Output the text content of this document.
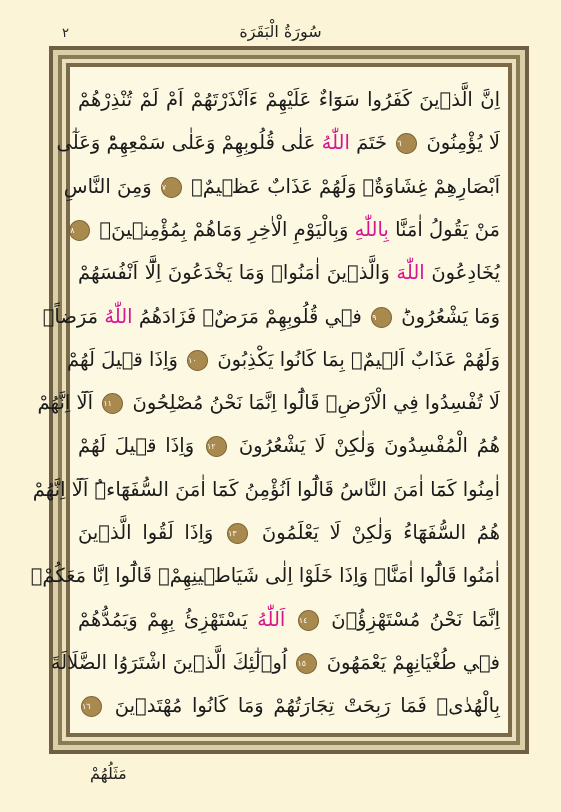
سُورَةُ الْبَقَرَة
٢
اِنَّ الَّذ۪ينَ كَفَرُوا سَوَٓاءٌ عَلَيْهِمْ ءَاَنْذَرْتَهُمْ اَمْ لَمْ تُنْذِرْهُمْ
لَا يُؤْمِنُونَ ٦ خَتَمَ اللّٰهُ عَلٰى قُلُوبِهِمْ وَعَلٰى سَمْعِهِمْؕ وَعَلٰٓى
اَبْصَارِهِمْ غِشَاوَةٌؗ وَلَهُمْ عَذَابٌ عَظ۪يمٌ۟ ٧ وَمِنَ النَّاسِ
مَنْ يَقُولُ اٰمَنَّا بِاللّٰهِ وَبِالْيَوْمِ الْاٰخِرِ وَمَاهُمْ بِمُؤْمِن۪ينَۘ ٨
يُخَادِعُونَ اللّٰهَ وَالَّذ۪ينَ اٰمَنُواۚ وَمَا يَخْدَعُونَ اِلَّٓا اَنْفُسَهُمْ
وَمَا يَشْعُرُونَؕ ٩ ف۪ي قُلُوبِهِمْ مَرَضٌۙ فَزَادَهُمُ اللّٰهُ مَرَضاًۚ
وَلَهُمْ عَذَابٌ اَل۪يمٌۙ بِمَا كَانُوا يَكْذِبُونَ ١٠ وَاِذَا ق۪يلَ لَهُمْ
لَا تُفْسِدُوا فِي الْاَرْضِۙ قَالُٓوا اِنَّمَا نَحْنُ مُصْلِحُونَ ١١ اَلَٓا اِنَّهُمْ
هُمُ الْمُفْسِدُونَ وَلٰكِنْ لَا يَشْعُرُونَ ١٢ وَاِذَا ق۪يلَ لَهُمْ
اٰمِنُوا كَمَٓا اٰمَنَ النَّاسُ قَالُٓوا اَنُؤْمِنُ كَمَٓا اٰمَنَ السُّفَهَٓاءُۜ اَلَٓا اِنَّهُمْ
هُمُ السُّفَهَٓاءُ وَلٰكِنْ لَا يَعْلَمُونَ ١٣ وَاِذَا لَقُوا الَّذ۪ينَ
اٰمَنُوا قَالُٓوا اٰمَنَّاۚ وَاِذَا خَلَوْا اِلٰى شَيَاط۪ينِهِمْۙ قَالُٓوا اِنَّا مَعَكُمْۙ
اِنَّمَا نَحْنُ مُسْتَهْزِؤُ۫نَ ١٤ اَللّٰهُ يَسْتَهْزِئُ بِهِمْ وَيَمُدُّهُمْ
ف۪ي طُغْيَانِهِمْ يَعْمَهُونَ ١٥ اُو۬لٰٓئِكَ الَّذ۪ينَ اشْتَرَوُا الضَّلَالَةَ
بِالْهُدٰىۖ فَمَا رَبِحَتْ تِجَارَتُهُمْ وَمَا كَانُوا مُهْتَد۪ينَ ١٦
مَثَلُهُمْ
